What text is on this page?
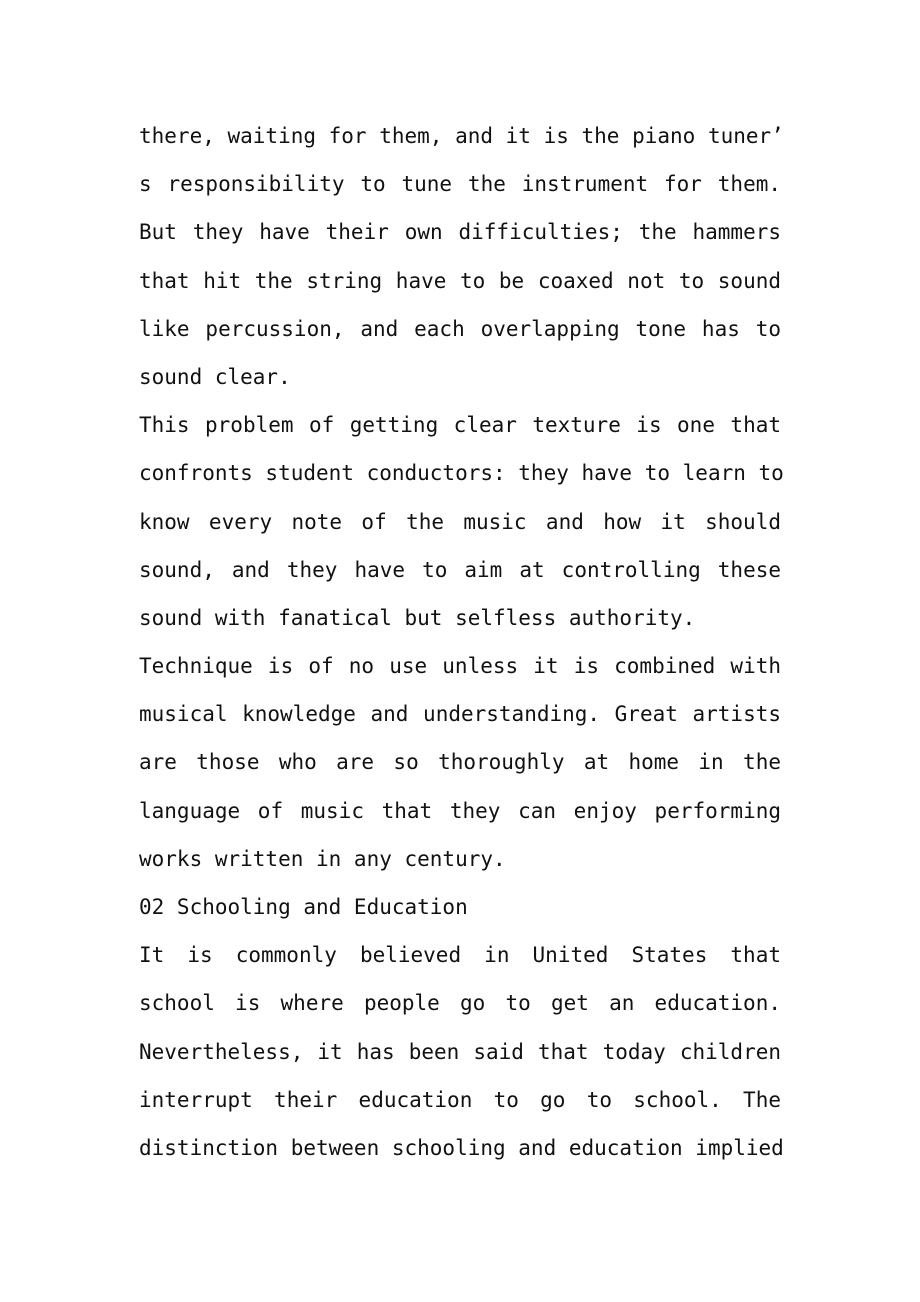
there, waiting for them, and it is the piano tuner’
s responsibility to tune the instrument for them.
But they have their own difficulties; the hammers
that hit the string have to be coaxed not to sound
like percussion, and each overlapping tone has to
sound clear.
This problem of getting clear texture is one that
confronts student conductors: they have to learn to
know every note of the music and how it should
sound, and they have to aim at controlling these
sound with fanatical but selfless authority.
Technique is of no use unless it is combined with
musical knowledge and understanding. Great artists
are those who are so thoroughly at home in the
language of music that they can enjoy performing
works written in any century.
02 Schooling and Education
It is commonly believed in United States that
school is where people go to get an education.
Nevertheless, it has been said that today children
interrupt their education to go to school. The
distinction between schooling and education implied
